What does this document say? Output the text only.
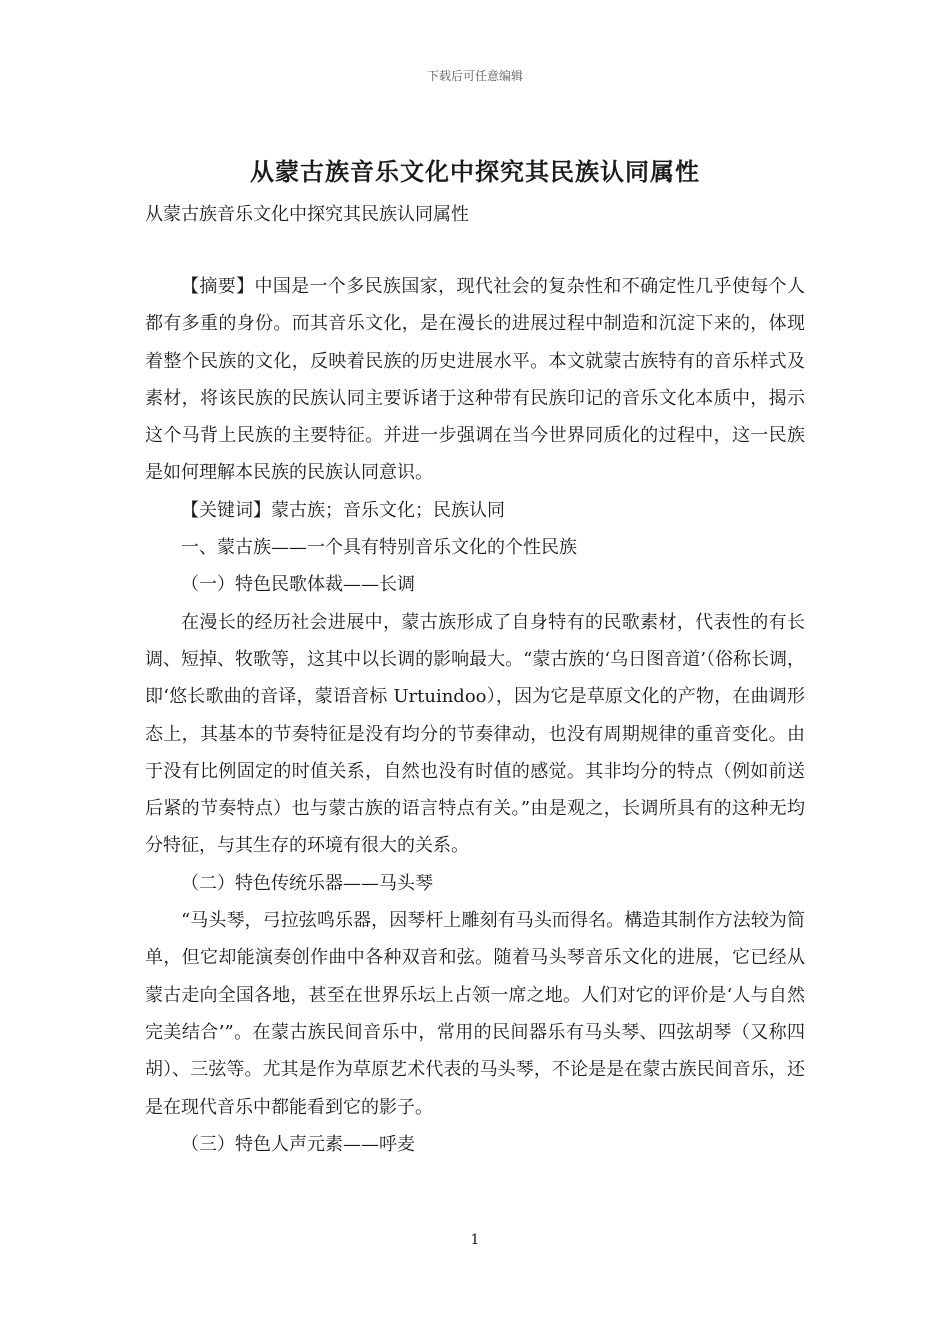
下载后可任意编辑
从蒙古族音乐文化中探究其民族认同属性
从蒙古族音乐文化中探究其民族认同属性

【摘要】中国是一个多民族国家，现代社会的复杂性和不确定性几乎使每个人都有多重的身份。而其音乐文化，是在漫长的进展过程中制造和沉淀下来的，体现着整个民族的文化，反映着民族的历史进展水平。本文就蒙古族特有的音乐样式及素材，将该民族的民族认同主要诉诸于这种带有民族印记的音乐文化本质中，揭示这个马背上民族的主要特征。并进一步强调在当今世界同质化的过程中，这一民族是如何理解本民族的民族认同意识。

【关键词】蒙古族；音乐文化；民族认同

一、蒙古族——一个具有特别音乐文化的个性民族

（一）特色民歌体裁——长调

在漫长的经历社会进展中，蒙古族形成了自身特有的民歌素材，代表性的有长调、短掉、牧歌等，这其中以长调的影响最大。“蒙古族的‘乌日图音道’（俗称长调，即‘悠长歌曲的音译，蒙语音标 Urtuindoo），因为它是草原文化的产物，在曲调形态上，其基本的节奏特征是没有均分的节奏律动，也没有周期规律的重音变化。由于没有比例固定的时值关系，自然也没有时值的感觉。其非均分的特点（例如前送后紧的节奏特点）也与蒙古族的语言特点有关。”由是观之，长调所具有的这种无均分特征，与其生存的环境有很大的关系。

（二）特色传统乐器——马头琴

“马头琴，弓拉弦鸣乐器，因琴杆上雕刻有马头而得名。構造其制作方法较为简单，但它却能演奏创作曲中各种双音和弦。随着马头琴音乐文化的进展，它已经从蒙古走向全国各地，甚至在世界乐坛上占领一席之地。人们对它的评价是‘人与自然完美结合’”。在蒙古族民间音乐中，常用的民间器乐有马头琴、四弦胡琴（又称四胡）、三弦等。尤其是作为草原艺术代表的马头琴，不论是是在蒙古族民间音乐，还是在现代音乐中都能看到它的影子。

（三）特色人声元素——呼麦

1
